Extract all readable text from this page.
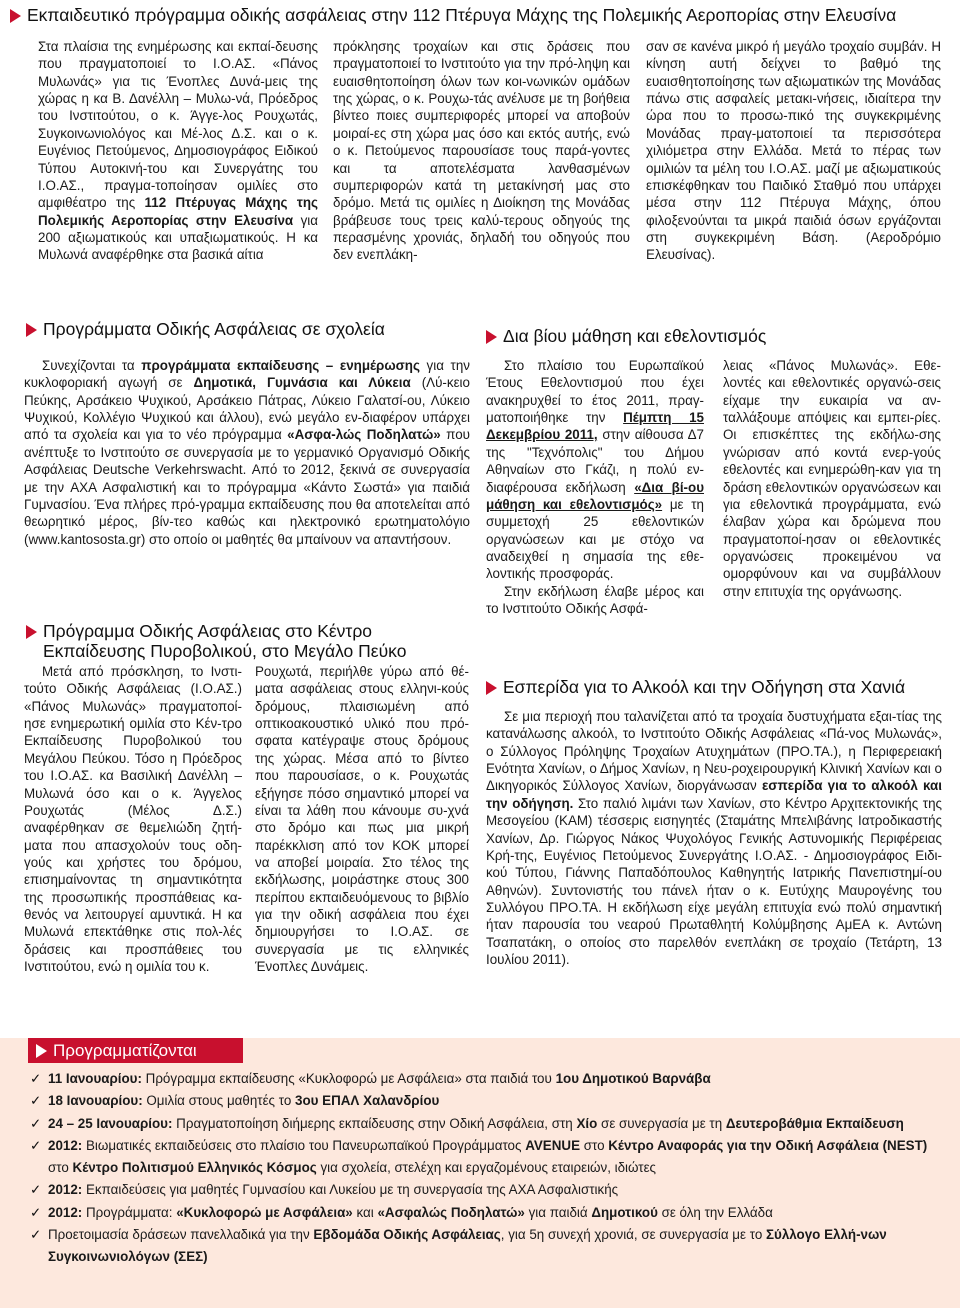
Εκπαιδευτικό πρόγραμμα οδικής ασφάλειας στην 112 Πτέρυγα Μάχης της Πολεμικής Αεροπορίας στην Ελευσίνα
Στα πλαίσια της ενημέρωσης και εκπαί-δευσης που πραγματοποιεί το Ι.Ο.ΑΣ. «Πάνος Μυλωνάς» για τις Ένοπλες Δυνά-μεις της χώρας η κα Β. Δανέλλη – Μυλω-νά, Πρόεδρος του Ινστιτούτου, ο κ. Άγγε-λος Ρουχωτάς, Συγκοινωνιολόγος και Μέ-λος Δ.Σ. και ο κ. Ευγένιος Πετούμενος, Δημοσιογράφος Ειδικού Τύπου Αυτοκινή-του και Συνεργάτης του Ι.Ο.ΑΣ., πραγμα-τοποίησαν ομιλίες στο αμφιθέατρο της 112 Πτέρυγας Μάχης της Πολεμικής Αεροπορίας στην Ελευσίνα για 200 αξιωματικούς και υπαξιωματικούς. Η κα Μυλωνά αναφέρθηκε στα βασικά αίτια
πρόκλησης τροχαίων και στις δράσεις που πραγματοποιεί το Ινστιτούτο για την πρό-ληψη και ευαισθητοποίηση όλων των κοι-νωνικών ομάδων της χώρας, ο κ. Ρουχω-τάς ανέλυσε με τη βοήθεια βίντεο ποιες συμπεριφορές μπορεί να αποβούν μοιραί-ες στη χώρα μας όσο και εκτός αυτής, ενώ ο κ. Πετούμενος παρουσίασε τους παρά-γοντες και τα αποτελέσματα λανθασμένων συμπεριφορών κατά τη μετακίνησή μας στο δρόμο. Μετά τις ομιλίες η Διοίκηση της Μονάδας βράβευσε τους τρεις καλύ-τερους οδηγούς της περασμένης χρονιάς, δηλαδή του οδηγούς που δεν ενεπλάκη-
σαν σε κανένα μικρό ή μεγάλο τροχαίο συμβάν. Η κίνηση αυτή δείχνει το βαθμό της ευαισθητοποίησης των αξιωματικών της Μονάδας πάνω στις ασφαλείς μετακι-νήσεις, ιδιαίτερα την ώρα που το προσω-πικό της συγκεκριμένης Μονάδας πραγ-ματοποιεί τα περισσότερα χιλιόμετρα στην Ελλάδα. Μετά το πέρας των ομιλιών τα μέλη του Ι.Ο.ΑΣ. μαζί με αξιωματικούς επισκέφθηκαν του Παιδικό Σταθμό που υπάρχει μέσα στην 112 Πτέρυγα Μάχης, όπου φιλοξενούνται τα μικρά παιδιά όσων εργάζονται στη συγκεκριμένη Βάση. (Αεροδρόμιο Ελευσίνας).
Προγράμματα Οδικής Ασφάλειας σε σχολεία
Συνεχίζονται τα προγράμματα εκπαίδευσης – ενημέρωσης για την κυκλοφοριακή αγωγή σε Δημοτικά, Γυμνάσια και Λύκεια (Λύ-κειο Πεύκης, Αρσάκειο Ψυχικού, Αρσάκειο Πάτρας, Λύκειο Γαλατσί-ου, Λύκειο Ψυχικού, Κολλέγιο Ψυχικού και άλλου), ενώ μεγάλο εν-διαφέρον υπάρχει από τα σχολεία και για το νέο πρόγραμμα «Ασφα-λώς Ποδηλατώ» που ανέπτυξε το Ινστιτούτο σε συνεργασία με το γερμανικό Οργανισμό Οδικής Ασφάλειας Deutsche Verkehrswacht. Από το 2012, ξεκινά σε συνεργασία με την ΑΧΑ Ασφαλιστική και το πρόγραμμα «Κάντο Σωστά» για παιδιά Γυμνασίου. Ένα πλήρες πρό-γραμμα εκπαίδευσης που θα αποτελείται από θεωρητικό μέρος, βίν-τεο καθώς και ηλεκτρονικό ερωτηματολόγιο (www.kantososta.gr) στο οποίο οι μαθητές θα μπαίνουν να απαντήσουν.
Πρόγραμμα Οδικής Ασφάλειας στο Κέντρο
Εκπαίδευσης Πυροβολικού, στο Μεγάλο Πεύκο
Μετά από πρόσκληση, το Ινστι-τούτο Οδικής Ασφάλειας (Ι.Ο.ΑΣ.) «Πάνος Μυλωνάς» πραγματοποί-ησε ενημερωτική ομιλία στο Κέν-τρο Εκπαίδευσης Πυροβολικού του Μεγάλου Πεύκου. Τόσο η Πρόεδρος του Ι.Ο.ΑΣ. κα Βασιλική Δανέλλη – Μυλωνά όσο και ο κ. Άγγελος Ρουχωτάς (Μέλος Δ.Σ.) αναφέρθηκαν σε θεμελιώδη ζητή-ματα που απασχολούν τους οδη-γούς και χρήστες του δρόμου, επισημαίνοντας τη σημαντικότητα της προσωπικής προσπάθειας κα-θενός να λειτουργεί αμυντικά. Η κα Μυλωνά επεκτάθηκε στις πολ-λές δράσεις και προσπάθειες του Ινστιτούτου, ενώ η ομιλία του κ.
Ρουχωτά, περιήλθε γύρω από θέ-ματα ασφάλειας στους ελληνι-κούς δρόμους, πλαισιωμένη από οπτικοακουστικό υλικό που πρό-σφατα κατέγραψε στους δρόμους της χώρας. Μέσα από το βίντεο που παρουσίασε, ο κ. Ρουχωτάς εξήγησε πόσο σημαντικό μπορεί να είναι τα λάθη που κάνουμε συ-χνά στο δρόμο και πως μια μικρή παρέκκλιση από τον ΚΟΚ μπορεί να αποβεί μοιραία. Στο τέλος της εκδήλωσης, μοιράστηκε στους 300 περίπου εκπαιδευόμενους το βιβλίο για την οδική ασφάλεια που έχει δημιουργήσει το Ι.Ο.ΑΣ. σε συνεργασία με τις ελληνικές Ένοπλες Δυνάμεις.
Δια βίου μάθηση και εθελοντισμός
Στο πλαίσιο του Ευρωπαϊκού Έτους Εθελοντισμού που έχει ανακηρυχθεί το έτος 2011, πραγ-ματοποιήθηκε την Πέμπτη 15 Δεκεμβρίου 2011, στην αίθουσα Δ7 της "Τεχνόπολις" του Δήμου Αθηναίων στο Γκάζι, η πολύ εν-διαφέρουσα εκδήλωση «Δια βί-ου μάθηση και εθελοντισμός» με τη συμμετοχή 25 εθελοντικών οργανώσεων και με στόχο να αναδειχθεί η σημασία της εθε-λοντικής προσφοράς.

Στην εκδήλωση έλαβε μέρος και το Ινστιτούτο Οδικής Ασφά-

λειας «Πάνος Μυλωνάς». Εθε-λοντές και εθελοντικές οργανώ-σεις είχαμε την ευκαιρία να αν-ταλλάξουμε απόψεις και εμπει-ρίες. Οι επισκέπτες της εκδήλω-σης γνώρισαν από κοντά ενερ-γούς εθελοντές και ενημερώθη-καν για τη δράση εθελοντικών οργανώσεων και για εθελοντικά προγράμματα, ενώ έλαβαν χώρα και δρώμενα που πραγματοποί-ησαν οι εθελοντικές οργανώσεις προκειμένου να ομορφύνουν και να συμβάλλουν στην επιτυχία της οργάνωσης.
Εσπερίδα για το Αλκοόλ και την Οδήγηση στα Χανιά
Σε μια περιοχή που ταλανίζεται από τα τροχαία δυστυχήματα εξαι-τίας της κατανάλωσης αλκοόλ, το Ινστιτούτο Οδικής Ασφάλειας «Πά-νος Μυλωνάς», ο Σύλλογος Πρόληψης Τροχαίων Ατυχημάτων (ΠΡΟ.ΤΑ.), η Περιφερειακή Ενότητα Χανίων, ο Δήμος Χανίων, η Νευ-ροχειρουργική Κλινική Χανίων και ο Δικηγορικός Σύλλογος Χανίων, διοργάνωσαν εσπερίδα για το αλκοόλ και την οδήγηση. Στο παλιό λιμάνι των Χανίων, στο Κέντρο Αρχιτεκτονικής της Μεσογείου (ΚΑΜ) τέσσερις εισηγητές (Σταμάτης Μπελιβάνης Ιατροδικαστής Χανίων, Δρ. Γιώργος Νάκος Ψυχολόγος Γενικής Αστυνομικής Περιφέρειας Κρή-της, Ευγένιος Πετούμενος Συνεργάτης Ι.Ο.ΑΣ. - Δημοσιογράφος Ειδι-κού Τύπου, Γιάννης Παπαδόπουλος Καθηγητής Ιατρικής Πανεπιστημί-ου Αθηνών). Συντονιστής του πάνελ ήταν ο κ. Ευτύχης Μαυρογένης του Συλλόγου ΠΡΟ.ΤΑ. Η εκδήλωση είχε μεγάλη επιτυχία ενώ πολύ σημαντική ήταν παρουσία του νεαρού Πρωταθλητή Κολύμβησης ΑμΕΑ κ. Αντώνη Τσαπατάκη, ο οποίος στο παρελθόν ενεπλάκη σε τροχαίο (Τετάρτη, 13 Ιουλίου 2011).
Προγραμματίζονται
✓ 11 Ιανουαρίου: Πρόγραμμα εκπαίδευσης «Κυκλοφορώ με Ασφάλεια» στα παιδιά του 1ου Δημοτικού Βαρνάβα
✓ 18 Ιανουαρίου: Ομιλία στους μαθητές το 3ου ΕΠΑΛ Χαλανδρίου
✓ 24 – 25 Ιανουαρίου: Πραγματοποίηση διήμερης εκπαίδευσης στην Οδική Ασφάλεια, στη Χίο σε συνεργασία με τη Δευτεροβάθμια Εκπαίδευση
✓ 2012: Βιωματικές εκπαιδεύσεις στο πλαίσιο του Πανευρωπαϊκού Προγράμματος AVENUE στο Κέντρο Αναφοράς για την Οδική Ασφάλεια (NEST) στο Κέντρο Πολιτισμού Ελληνικός Κόσμος για σχολεία, στελέχη και εργαζομένους εταιρειών, ιδιώτες
✓ 2012: Εκπαιδεύσεις για μαθητές Γυμνασίου και Λυκείου με τη συνεργασία της ΑΧΑ Ασφαλιστικής
✓ 2012: Προγράμματα: «Κυκλοφορώ με Ασφάλεια» και «Ασφαλώς Ποδηλατώ» για παιδιά Δημοτικού σε όλη την Ελλάδα
✓ Προετοιμασία δράσεων πανελλαδικά για την Εβδομάδα Οδικής Ασφάλειας, για 5η συνεχή χρονιά, σε συνεργασία με το Σύλλογο Ελλή-νων Συγκοινωνιολόγων (ΣΕΣ)
